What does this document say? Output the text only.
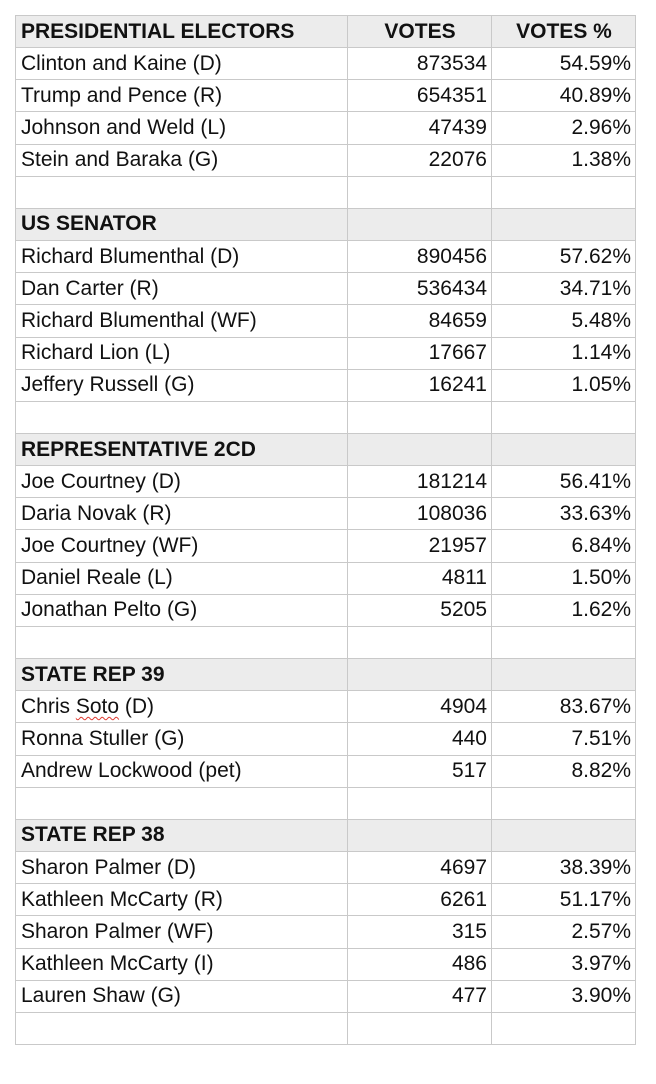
PRESIDENTIAL ELECTORS	VOTES	VOTES %
Clinton and Kaine (D)	873534	54.59%
Trump and Pence (R)	654351	40.89%
Johnson and Weld (L)	47439	2.96%
Stein and Baraka (G)	22076	1.38%

US SENATOR		
Richard Blumenthal (D)	890456	57.62%
Dan Carter (R)	536434	34.71%
Richard Blumenthal (WF)	84659	5.48%
Richard Lion (L)	17667	1.14%
Jeffery Russell (G)	16241	1.05%

REPRESENTATIVE 2CD		
Joe Courtney (D)	181214	56.41%
Daria Novak (R)	108036	33.63%
Joe Courtney (WF)	21957	6.84%
Daniel Reale (L)	4811	1.50%
Jonathan Pelto (G)	5205	1.62%

STATE REP 39		
Chris Soto (D)	4904	83.67%
Ronna Stuller (G)	440	7.51%
Andrew Lockwood (pet)	517	8.82%

STATE REP 38		
Sharon Palmer (D)	4697	38.39%
Kathleen McCarty (R)	6261	51.17%
Sharon Palmer (WF)	315	2.57%
Kathleen McCarty (I)	486	3.97%
Lauren Shaw (G)	477	3.90%
